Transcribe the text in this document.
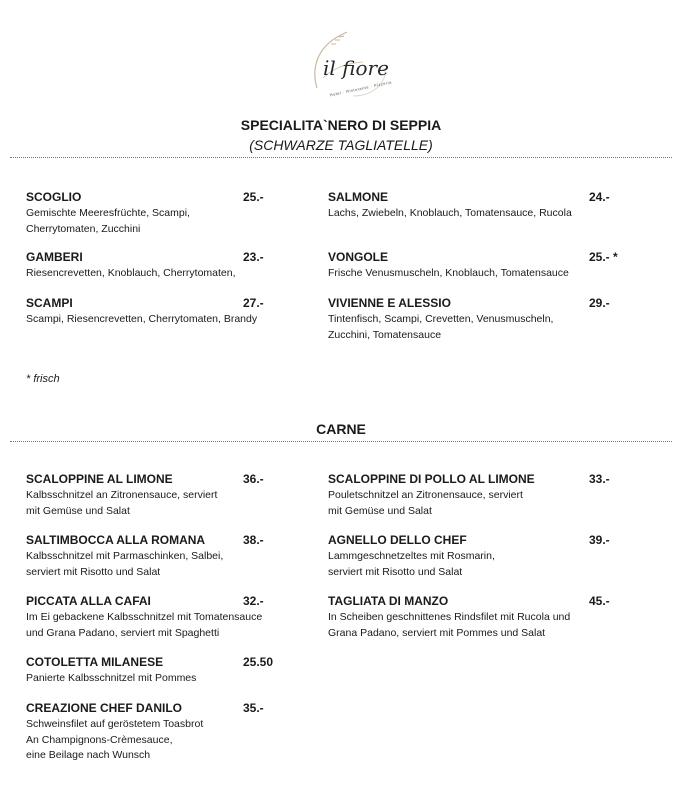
il fiore
Hotel · Ristorante · Pizzeria
SPECIALITA`NERO DI SEPPIA
(SCHWARZE TAGLIATELLE)
SCOGLIO	25.-
Gemischte Meeresfrüchte, Scampi,
Cherrytomaten, Zucchini
GAMBERI	23.-
Riesencrevetten, Knoblauch, Cherrytomaten,
SCAMPI	27.-
Scampi, Riesencrevetten, Cherrytomaten, Brandy
SALMONE	24.-
Lachs, Zwiebeln, Knoblauch, Tomatensauce, Rucola
VONGOLE	25.- *
Frische Venusmuscheln, Knoblauch, Tomatensauce
VIVIENNE E ALESSIO	29.-
Tintenfisch, Scampi, Crevetten, Venusmuscheln,
Zucchini, Tomatensauce
* frisch
CARNE
SCALOPPINE AL LIMONE	36.-
Kalbsschnitzel an Zitronensauce, serviert
mit Gemüse und Salat
SALTIMBOCCA ALLA ROMANA	38.-
Kalbsschnitzel mit Parmaschinken, Salbei,
serviert mit Risotto und Salat
PICCATA ALLA CAFAI	32.-
Im Ei gebackene Kalbsschnitzel mit Tomatensauce
und Grana Padano, serviert mit Spaghetti
COTOLETTA MILANESE	25.50
Panierte Kalbsschnitzel mit Pommes
CREAZIONE CHEF DANILO	35.-
Schweinsfilet auf geröstetem Toasbrot
An Champignons-Crèmesauce,
eine Beilage nach Wunsch
SCALOPPINE DI POLLO AL LIMONE	33.-
Pouletschnitzel an Zitronensauce, serviert
mit Gemüse und Salat
AGNELLO DELLO CHEF	39.-
Lammgeschnetzeltes mit Rosmarin,
serviert mit Risotto und Salat
TAGLIATA DI MANZO	45.-
In Scheiben geschnittenes Rindsfilet mit Rucola und
Grana Padano, serviert mit Pommes und Salat
